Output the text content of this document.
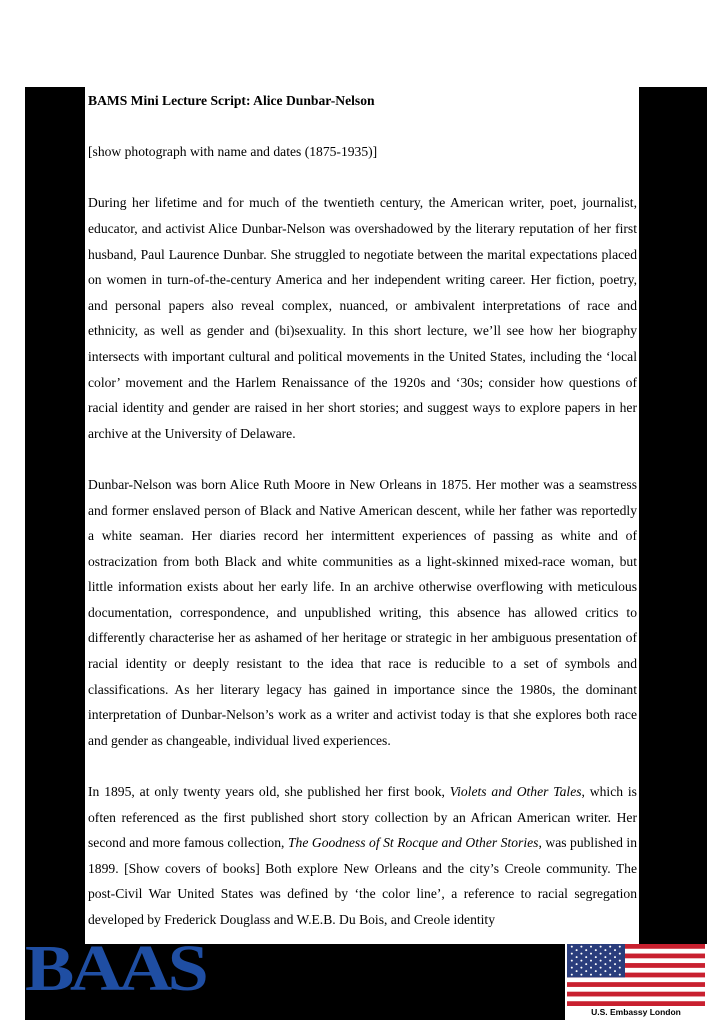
BAMS Mini Lecture Script: Alice Dunbar-Nelson

[show photograph with name and dates (1875-1935)]

During her lifetime and for much of the twentieth century, the American writer, poet, journalist, educator, and activist Alice Dunbar-Nelson was overshadowed by the literary reputation of her first husband, Paul Laurence Dunbar. She struggled to negotiate between the marital expectations placed on women in turn-of-the-century America and her independent writing career. Her fiction, poetry, and personal papers also reveal complex, nuanced, or ambivalent interpretations of race and ethnicity, as well as gender and (bi)sexuality. In this short lecture, we’ll see how her biography intersects with important cultural and political movements in the United States, including the ‘local color’ movement and the Harlem Renaissance of the 1920s and ‘30s; consider how questions of racial identity and gender are raised in her short stories; and suggest ways to explore papers in her archive at the University of Delaware.

Dunbar-Nelson was born Alice Ruth Moore in New Orleans in 1875. Her mother was a seamstress and former enslaved person of Black and Native American descent, while her father was reportedly a white seaman. Her diaries record her intermittent experiences of passing as white and of ostracization from both Black and white communities as a light-skinned mixed-race woman, but little information exists about her early life. In an archive otherwise overflowing with meticulous documentation, correspondence, and unpublished writing, this absence has allowed critics to differently characterise her as ashamed of her heritage or strategic in her ambiguous presentation of racial identity or deeply resistant to the idea that race is reducible to a set of symbols and classifications. As her literary legacy has gained in importance since the 1980s, the dominant interpretation of Dunbar-Nelson’s work as a writer and activist today is that she explores both race and gender as changeable, individual lived experiences.

In 1895, at only twenty years old, she published her first book, Violets and Other Tales, which is often referenced as the first published short story collection by an African American writer. Her second and more famous collection, The Goodness of St Rocque and Other Stories, was published in 1899. [Show covers of books] Both explore New Orleans and the city’s Creole community. The post-Civil War United States was defined by ‘the color line’, a reference to racial segregation developed by Frederick Douglass and W.E.B. Du Bois, and Creole identity

BAAS
U.S. Embassy London
